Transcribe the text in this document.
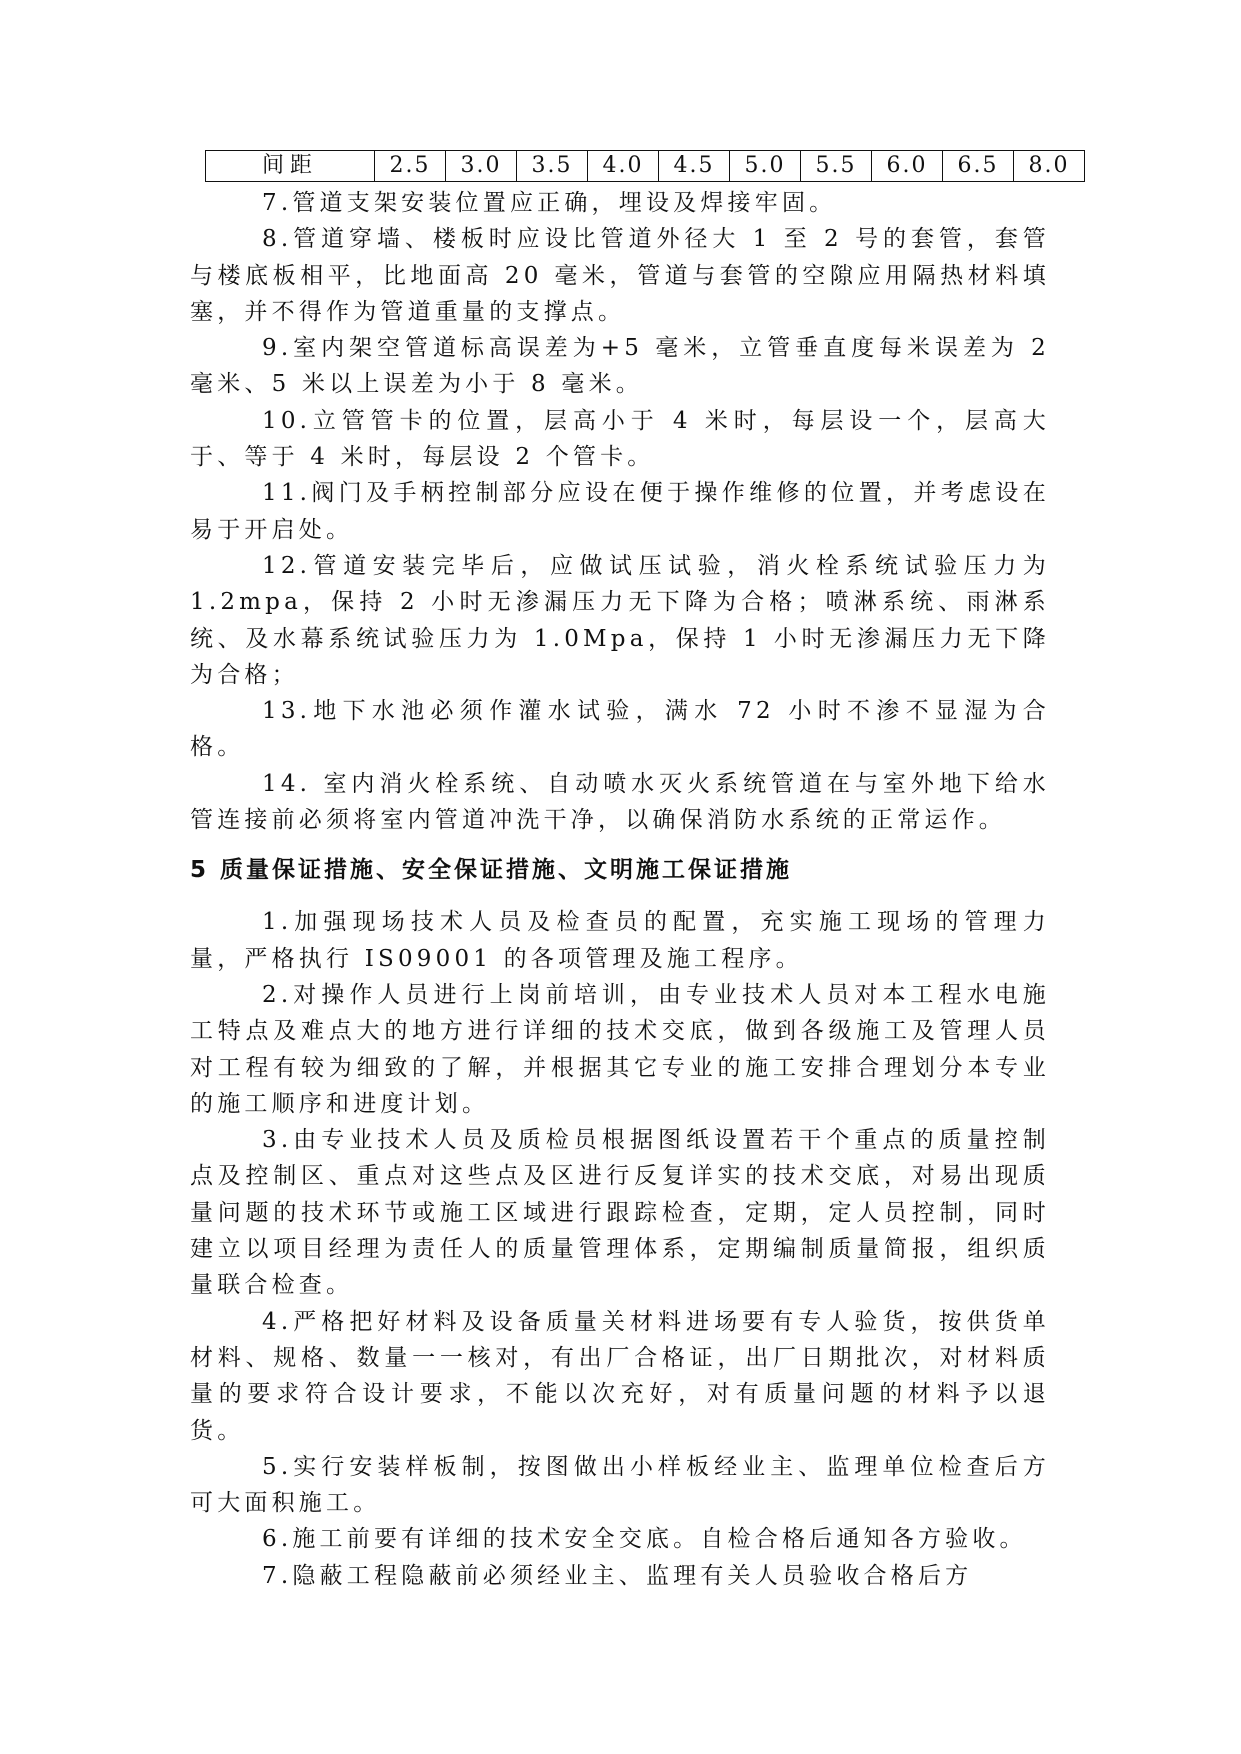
间距	2.5	3.0	3.5	4.0	4.5	5.0	5.5	6.0	6.5	8.0

7.管道支架安装位置应正确，埋设及焊接牢固。

8.管道穿墙、楼板时应设比管道外径大 1 至 2 号的套管，套管与楼底板相平，比地面高 20 毫米，管道与套管的空隙应用隔热材料填塞，并不得作为管道重量的支撑点。

9.室内架空管道标高误差为+5 毫米，立管垂直度每米误差为 2 毫米、5 米以上误差为小于 8 毫米。

10.立管管卡的位置，层高小于 4 米时，每层设一个，层高大于、等于 4 米时，每层设 2 个管卡。

11.阀门及手柄控制部分应设在便于操作维修的位置，并考虑设在易于开启处。

12.管道安装完毕后，应做试压试验，消火栓系统试验压力为 1.2mpa，保持 2 小时无渗漏压力无下降为合格；喷淋系统、雨淋系统、及水幕系统试验压力为 1.0Mpa，保持 1 小时无渗漏压力无下降为合格；

13.地下水池必须作灌水试验，满水 72 小时不渗不显湿为合格。

14. 室内消火栓系统、自动喷水灭火系统管道在与室外地下给水管连接前必须将室内管道冲洗干净，以确保消防水系统的正常运作。

5 质量保证措施、安全保证措施、文明施工保证措施

1.加强现场技术人员及检查员的配置，充实施工现场的管理力量，严格执行 IS09001 的各项管理及施工程序。

2.对操作人员进行上岗前培训，由专业技术人员对本工程水电施工特点及难点大的地方进行详细的技术交底，做到各级施工及管理人员对工程有较为细致的了解，并根据其它专业的施工安排合理划分本专业的施工顺序和进度计划。

3.由专业技术人员及质检员根据图纸设置若干个重点的质量控制点及控制区、重点对这些点及区进行反复详实的技术交底，对易出现质量问题的技术环节或施工区域进行跟踪检查，定期，定人员控制，同时建立以项目经理为责任人的质量管理体系，定期编制质量简报，组织质量联合检查。

4.严格把好材料及设备质量关材料进场要有专人验货，按供货单材料、规格、数量一一核对，有出厂合格证，出厂日期批次，对材料质量的要求符合设计要求，不能以次充好，对有质量问题的材料予以退货。

5.实行安装样板制，按图做出小样板经业主、监理单位检查后方可大面积施工。

6.施工前要有详细的技术安全交底。自检合格后通知各方验收。

7.隐蔽工程隐蔽前必须经业主、监理有关人员验收合格后方
